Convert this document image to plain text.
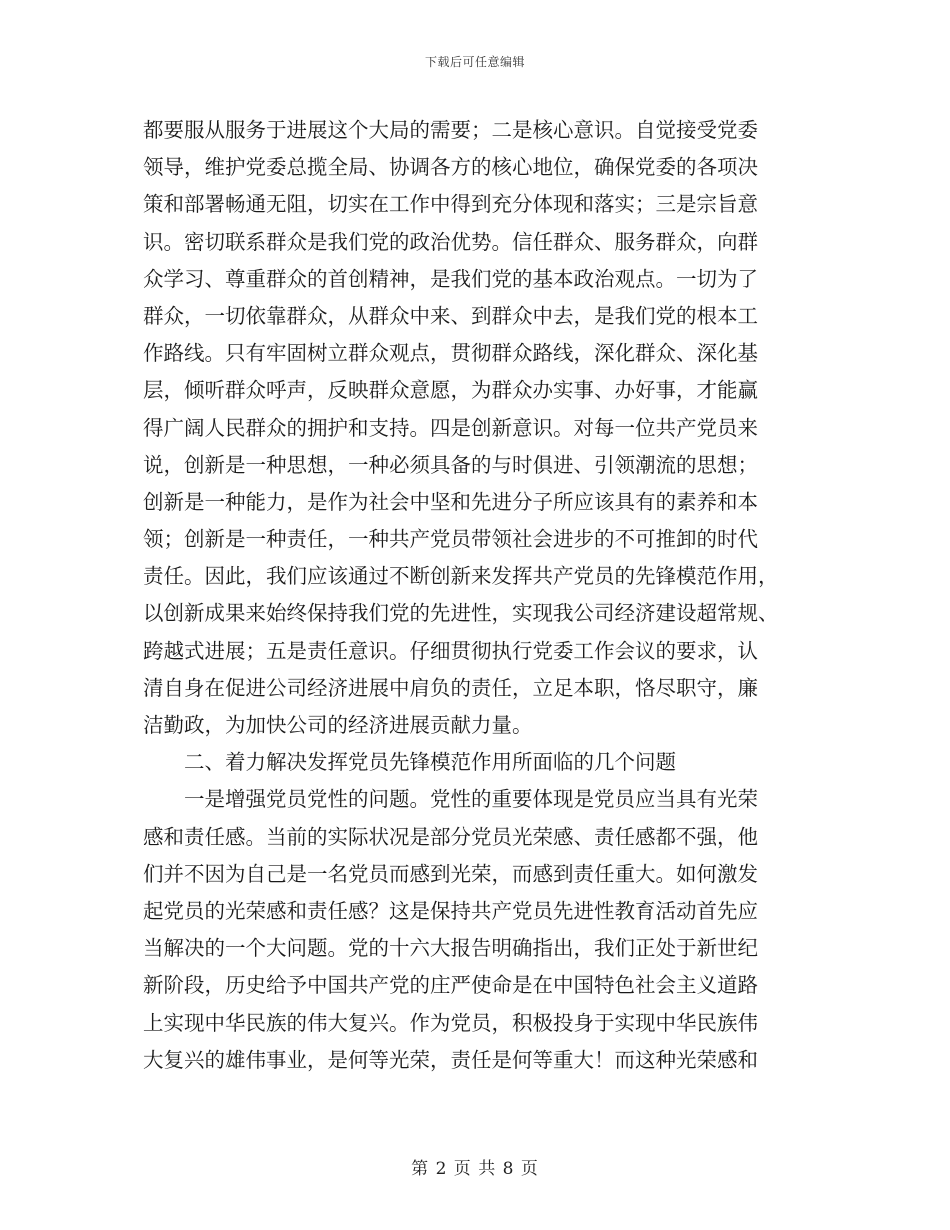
下载后可任意编辑
都要服从服务于进展这个大局的需要；二是核心意识。自觉接受党委
领导，维护党委总揽全局、协调各方的核心地位，确保党委的各项决
策和部署畅通无阻，切实在工作中得到充分体现和落实；三是宗旨意
识。密切联系群众是我们党的政治优势。信任群众、服务群众，向群
众学习、尊重群众的首创精神，是我们党的基本政治观点。一切为了
群众，一切依靠群众，从群众中来、到群众中去，是我们党的根本工
作路线。只有牢固树立群众观点，贯彻群众路线，深化群众、深化基
层，倾听群众呼声，反映群众意愿，为群众办实事、办好事，才能赢
得广阔人民群众的拥护和支持。四是创新意识。对每一位共产党员来
说，创新是一种思想，一种必须具备的与时俱进、引领潮流的思想；
创新是一种能力，是作为社会中坚和先进分子所应该具有的素养和本
领；创新是一种责任，一种共产党员带领社会进步的不可推卸的时代
责任。因此，我们应该通过不断创新来发挥共产党员的先锋模范作用，
以创新成果来始终保持我们党的先进性，实现我公司经济建设超常规、
跨越式进展；五是责任意识。仔细贯彻执行党委工作会议的要求，认
清自身在促进公司经济进展中肩负的责任，立足本职，恪尽职守，廉
洁勤政，为加快公司的经济进展贡献力量。
二、着力解决发挥党员先锋模范作用所面临的几个问题
一是增强党员党性的问题。党性的重要体现是党员应当具有光荣
感和责任感。当前的实际状况是部分党员光荣感、责任感都不强，他
们并不因为自己是一名党员而感到光荣，而感到责任重大。如何激发
起党员的光荣感和责任感？这是保持共产党员先进性教育活动首先应
当解决的一个大问题。党的十六大报告明确指出，我们正处于新世纪
新阶段，历史给予中国共产党的庄严使命是在中国特色社会主义道路
上实现中华民族的伟大复兴。作为党员，积极投身于实现中华民族伟
大复兴的雄伟事业，是何等光荣，责任是何等重大！而这种光荣感和
第 2 页 共 8 页
